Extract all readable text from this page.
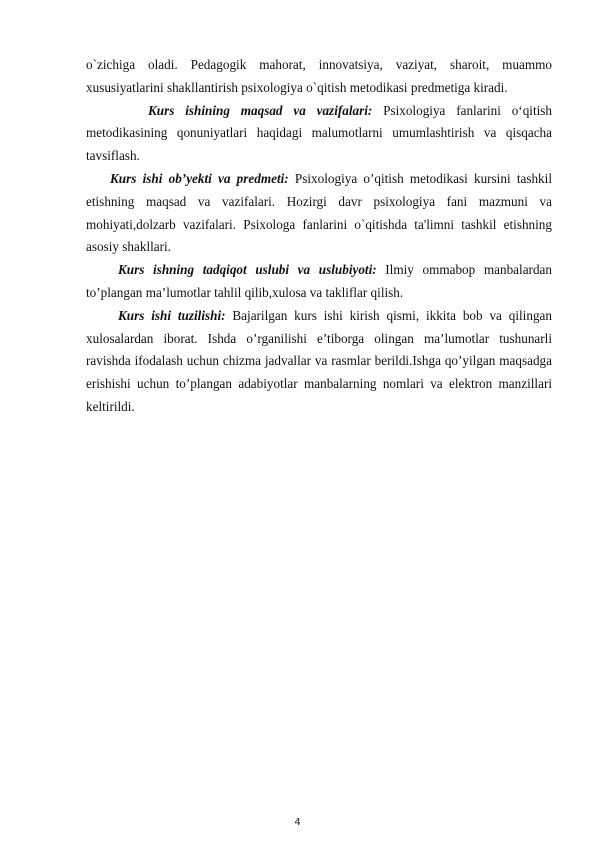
o`zichiga oladi. Pedagogik mahorat, innovatsiya, vaziyat, sharoit, muammo xususiyatlarini shakllantirish psixologiya o`qitish metodikasi predmetiga kiradi.

Kurs ishining maqsad va vazifalari: Psixologiya fanlarini o‘qitish metodikasining qonuniyatlari haqidagi malumotlarni umumlashtirish va qisqacha tavsiflash.

Kurs ishi ob’yekti va predmeti: Psixologiya o’qitish metodikasi kursini tashkil etishning maqsad va vazifalari. Hozirgi davr psixologiya fani mazmuni va mohiyati,dolzarb vazifalari. Psixologa fanlarini o`qitishda ta'limni tashkil etishning asosiy shakllari.

Kurs ishning tadqiqot uslubi va uslubiyoti: Ilmiy ommabop manbalardan to’plangan ma’lumotlar tahlil qilib,xulosa va takliflar qilish.

Kurs ishi tuzilishi: Bajarilgan kurs ishi kirish qismi, ikkita bob va qilingan xulosalardan iborat. Ishda o’rganilishi e’tiborga olingan ma’lumotlar tushunarli ravishda ifodalash uchun chizma jadvallar va rasmlar berildi.Ishga qo’yilgan maqsadga erishishi uchun to’plangan adabiyotlar manbalarning nomlari va elektron manzillari keltirildi.

4
